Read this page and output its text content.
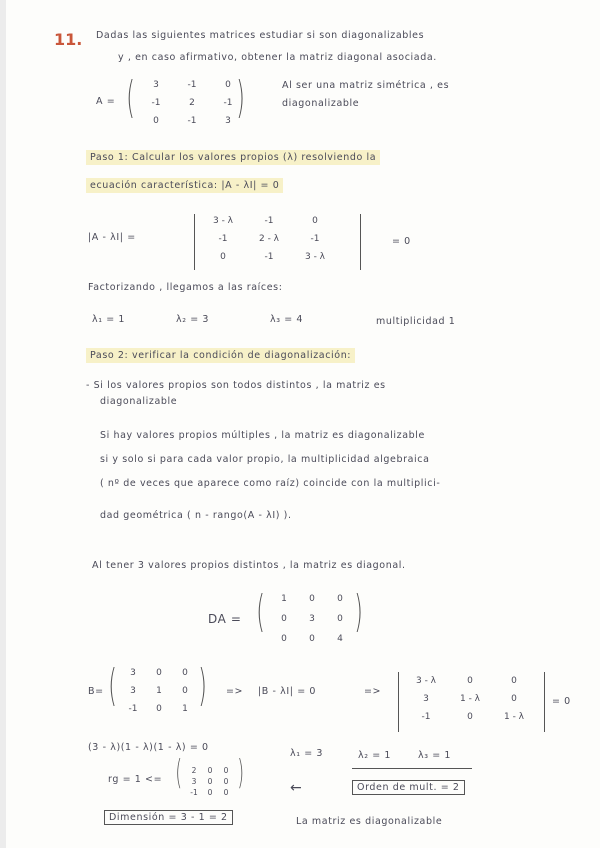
11. Dadas las siguientes matrices estudiar si son diagonalizables
y , en caso afirmativo, obtener la matriz diagonal asociada.
A = (	3	-1	0
-1	2	-1
0	-1	3 )	Al ser una matriz simétrica , es
diagonalizable
Paso 1: Calcular los valores propios (λ) resolviendo la
ecuación característica: |A - λI| = 0
|A - λI| =
3 - λ	-1	0
-1	2 - λ	-1
0	-1	3 - λ
= 0
Factorizando , llegamos a las raíces:
λ₁ = 1	λ₂ = 3	λ₃ = 4	multiplicidad 1
Paso 2: verificar la condición de diagonalización:
- Si los valores propios son todos distintos , la matriz es
diagonalizable
Si hay valores propios múltiples , la matriz es diagonalizable
si y solo si para cada valor propio, la multiplicidad algebraica
( nº de veces que aparece como raíz) coincide con la multiplici-
dad geométrica ( n - rango(A - λI) ).
Al tener 3 valores propios distintos , la matriz es diagonal.
DA = (	1	0	0
0	3	0
0	0	4
)
B= (	3	0	0
3	1	0
-1	0	1 ) => |B - λI| = 0	=>
3 - λ	0	0
3	1 - λ	0
-1	0	1 - λ
= 0
(3 - λ)(1 - λ)(1 - λ) = 0
λ₁ = 3	λ₂ = 1	λ₃ = 1
rg = 1 <= (	2	0	0
3	0	0
-1	0	0 )	←	Orden de mult. = 2
Dimensión = 3 - 1 = 2	La matriz es diagonalizable
